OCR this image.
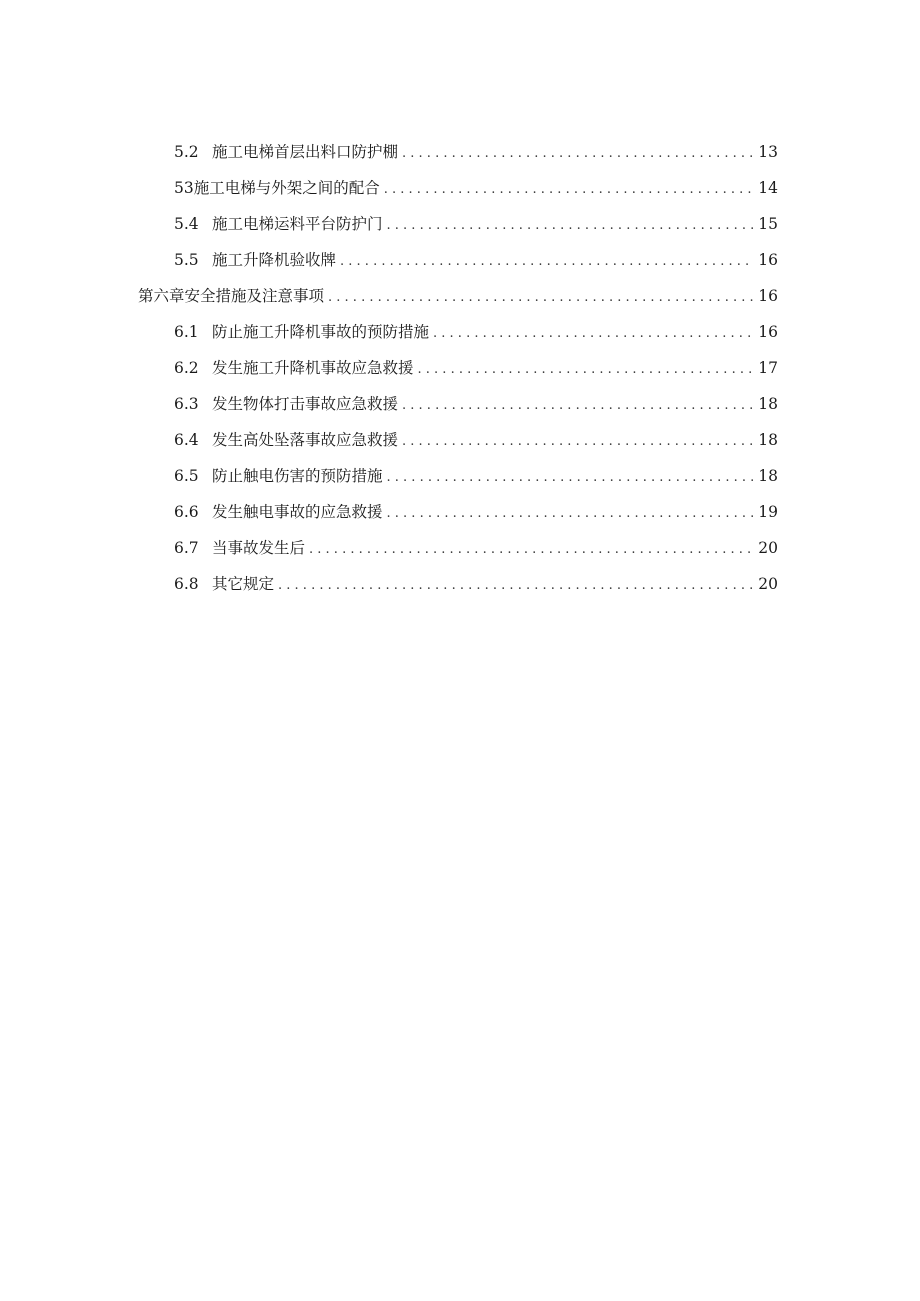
5.2 施工电梯首层出料口防护棚 . . .	13
53 施工电梯与外架之间的配合 . . .	14
5.4 施工电梯运料平台防护门 . . .	15
5.5 施工升降机验收牌 . . .	16
第六章安全措施及注意事项 . . .	16
6.1 防止施工升降机事故的预防措施 . . .	16
6.2 发生施工升降机事故应急救援 . . .	17
6.3 发生物体打击事故应急救援 . . .	18
6.4 发生高处坠落事故应急救援 . . .	18
6.5 防止触电伤害的预防措施 . . .	18
6.6 发生触电事故的应急救援 . . .	19
6.7 当事故发生后 . . .	20
6.8 其它规定 . . .	20
